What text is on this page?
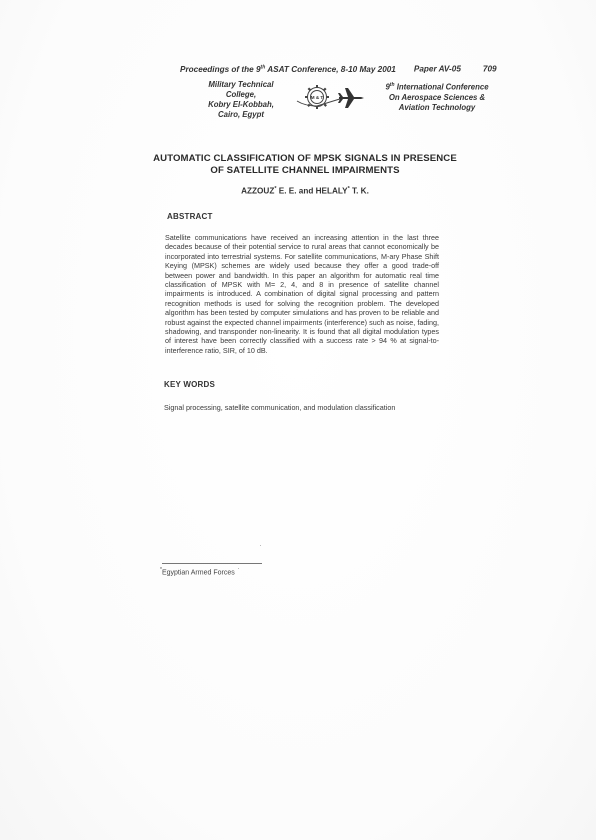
Proceedings of the 9th ASAT Conference, 8-10 May 2001 Paper AV-05	709
Military Technical College,
Kobry El-Kobbah,
Cairo, Egypt
M & T
9th International Conference
On Aerospace Sciences &
Aviation Technology
AUTOMATIC CLASSIFICATION OF MPSK SIGNALS IN PRESENCE
OF SATELLITE CHANNEL IMPAIRMENTS
AZZOUZ* E. E. and HELALY* T. K.
ABSTRACT
Satellite communications have received an increasing attention in the last three decades because of their potential service to rural areas that cannot economically be incorporated into terrestrial systems. For satellite communications, M-ary Phase Shift Keying (MPSK) schemes are widely used because they offer a good trade-off between power and bandwidth. In this paper an algorithm for automatic real time classification of MPSK with M= 2, 4, and 8 in presence of satellite channel impairments is introduced. A combination of digital signal processing and pattern recognition methods is used for solving the recognition problem. The developed algorithm has been tested by computer simulations and has proven to be reliable and robust against the expected channel impairments (interference) such as noise, fading, shadowing, and transponder non-linearity. It is found that all digital modulation types of interest have been correctly classified with a success rate > 94 % at signal-to-interference ratio, SIR, of 10 dB.
KEY WORDS
Signal processing, satellite communication, and modulation classification
*Egyptian Armed Forces
